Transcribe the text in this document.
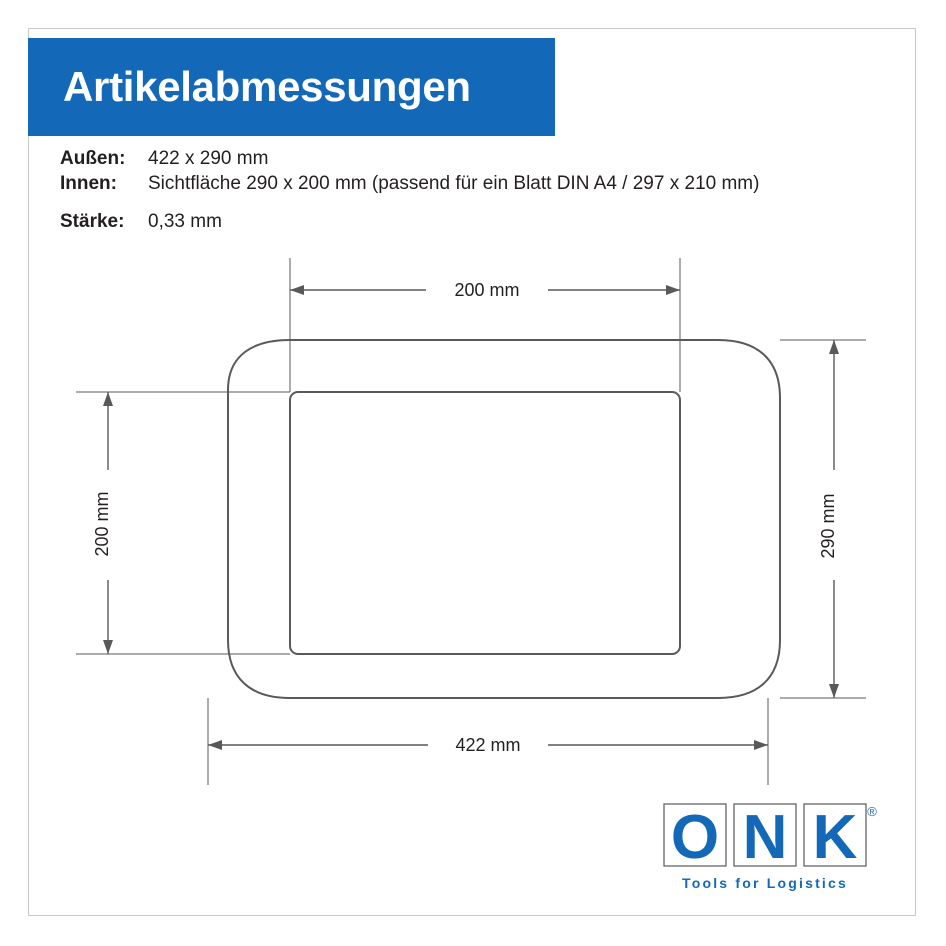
Artikelabmessungen
Außen:	422 x 290 mm
Innen:	Sichtfläche 290 x 200 mm (passend für ein Blatt DIN A4 / 297 x 210 mm)
Stärke:	0,33 mm
200 mm
200 mm	290 mm
422 mm
O N K ®
Tools for Logistics
